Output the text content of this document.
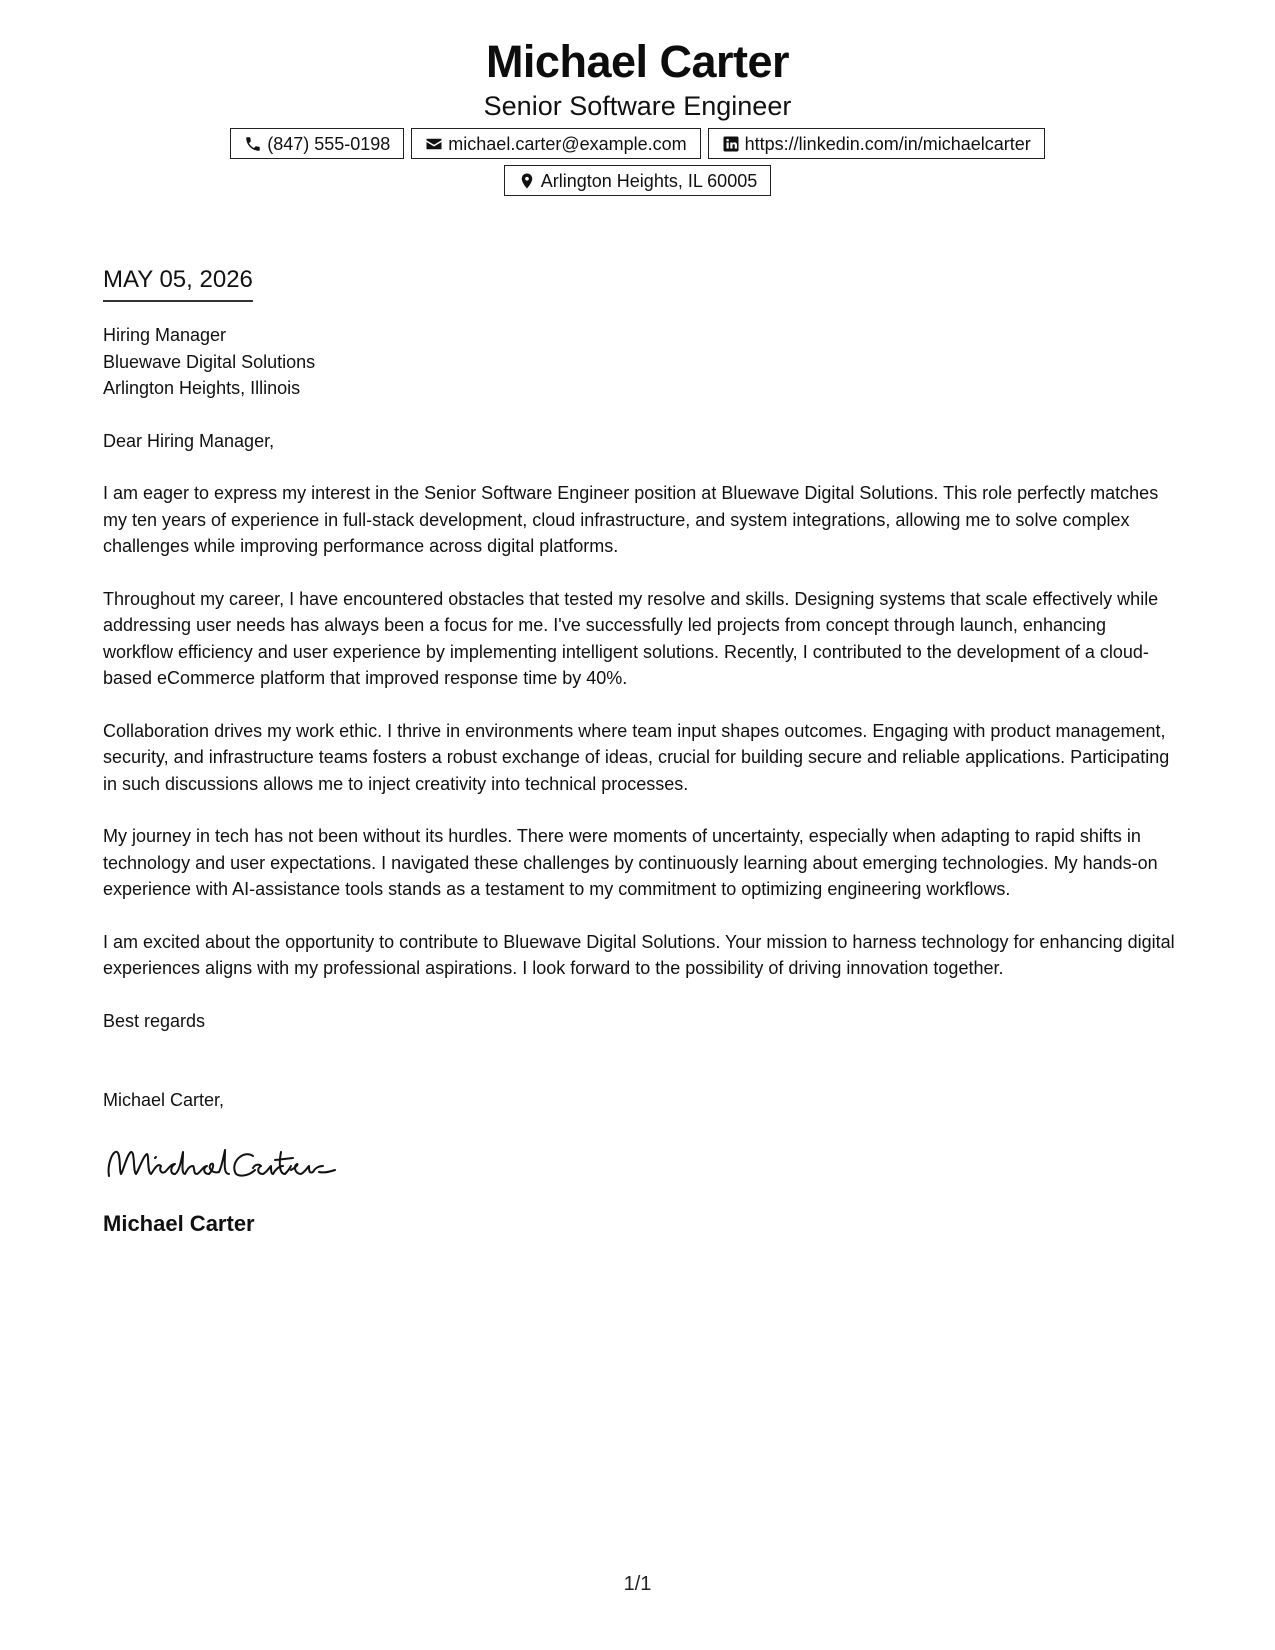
Michael Carter
Senior Software Engineer
(847) 555-0198	michael.carter@example.com	https://linkedin.com/in/michaelcarter
Arlington Heights, IL 60005
MAY 05, 2026
Hiring Manager
Bluewave Digital Solutions
Arlington Heights, Illinois
Dear Hiring Manager,

I am eager to express my interest in the Senior Software Engineer position at Bluewave Digital Solutions. This role perfectly matches my ten years of experience in full-stack development, cloud infrastructure, and system integrations, allowing me to solve complex challenges while improving performance across digital platforms.

Throughout my career, I have encountered obstacles that tested my resolve and skills. Designing systems that scale effectively while addressing user needs has always been a focus for me. I've successfully led projects from concept through launch, enhancing workflow efficiency and user experience by implementing intelligent solutions. Recently, I contributed to the development of a cloud-based eCommerce platform that improved response time by 40%.

Collaboration drives my work ethic. I thrive in environments where team input shapes outcomes. Engaging with product management, security, and infrastructure teams fosters a robust exchange of ideas, crucial for building secure and reliable applications. Participating in such discussions allows me to inject creativity into technical processes.

My journey in tech has not been without its hurdles. There were moments of uncertainty, especially when adapting to rapid shifts in technology and user expectations. I navigated these challenges by continuously learning about emerging technologies. My hands-on experience with AI-assistance tools stands as a testament to my commitment to optimizing engineering workflows.

I am excited about the opportunity to contribute to Bluewave Digital Solutions. Your mission to harness technology for enhancing digital experiences aligns with my professional aspirations. I look forward to the possibility of driving innovation together.

Best regards
Michael Carter,
Michael Carter
1/1
